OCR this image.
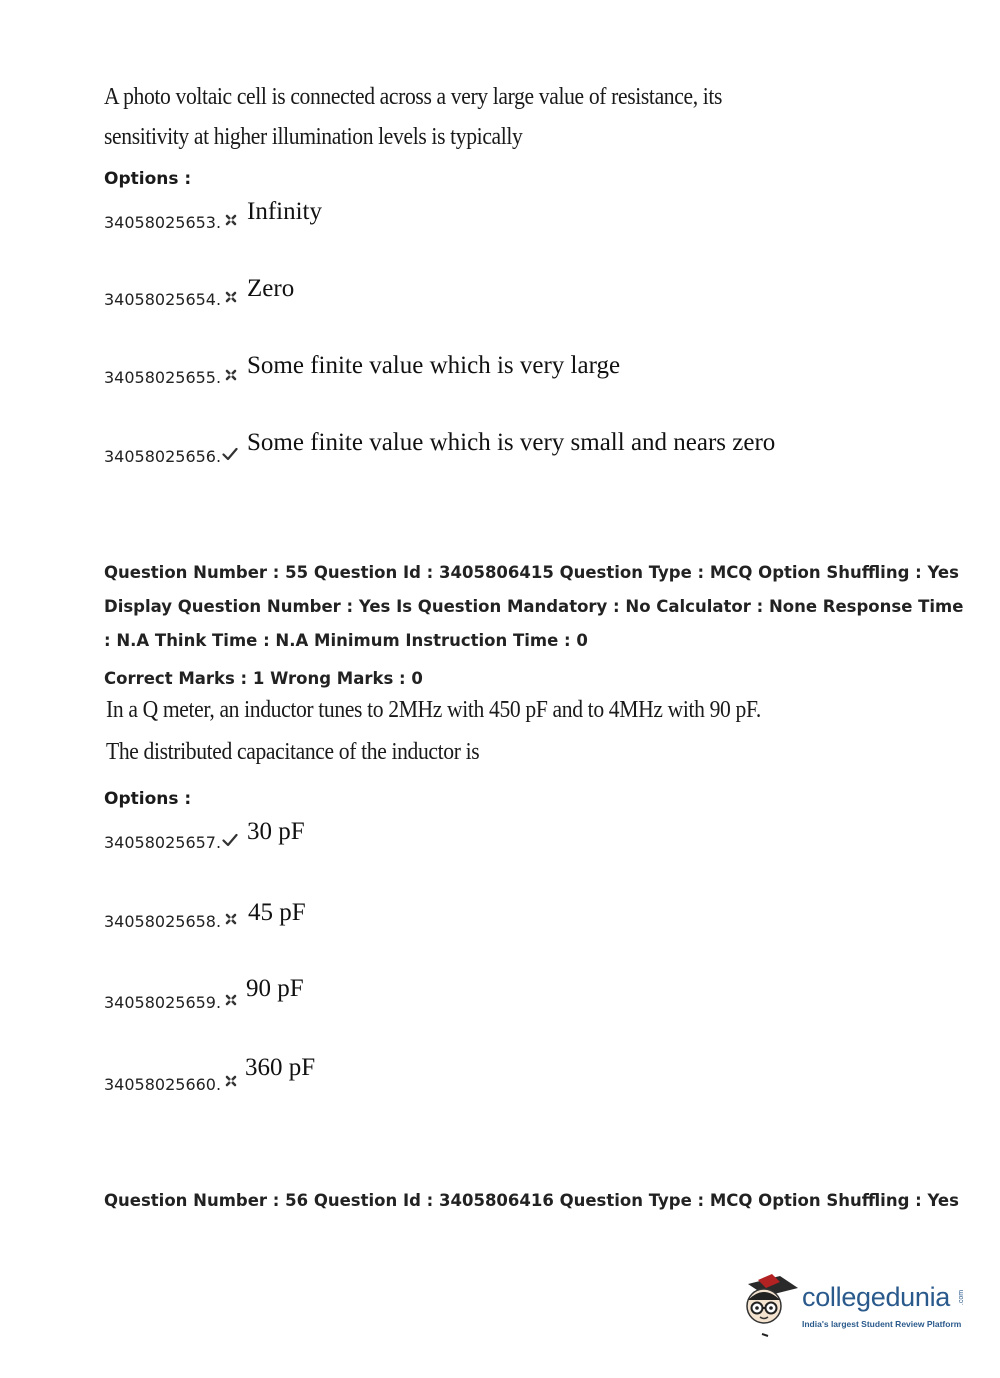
A photo voltaic cell is connected across a very large value of resistance, its
sensitivity at higher illumination levels is typically
Options :
34058025653. Infinity
34058025654. Zero
34058025655. Some finite value which is very large
34058025656.
Some finite value which is very small and nears zero
Question Number : 55 Question Id : 3405806415 Question Type : MCQ Option Shuffling : Yes
Display Question Number : Yes Is Question Mandatory : No Calculator : None Response Time
: N.A Think Time : N.A Minimum Instruction Time : 0
Correct Marks : 1 Wrong Marks : 0
In a Q meter, an inductor tunes to 2MHz with 450 pF and to 4MHz with 90 pF.
The distributed capacitance of the inductor is
Options :
34058025657. 30 pF
34058025658. 45 pF
34058025659.
90 pF
34058025660.
360 pF
Question Number : 56 Question Id : 3405806416 Question Type : MCQ Option Shuffling : Yes
collegedunia .com
India's largest Student Review Platform
